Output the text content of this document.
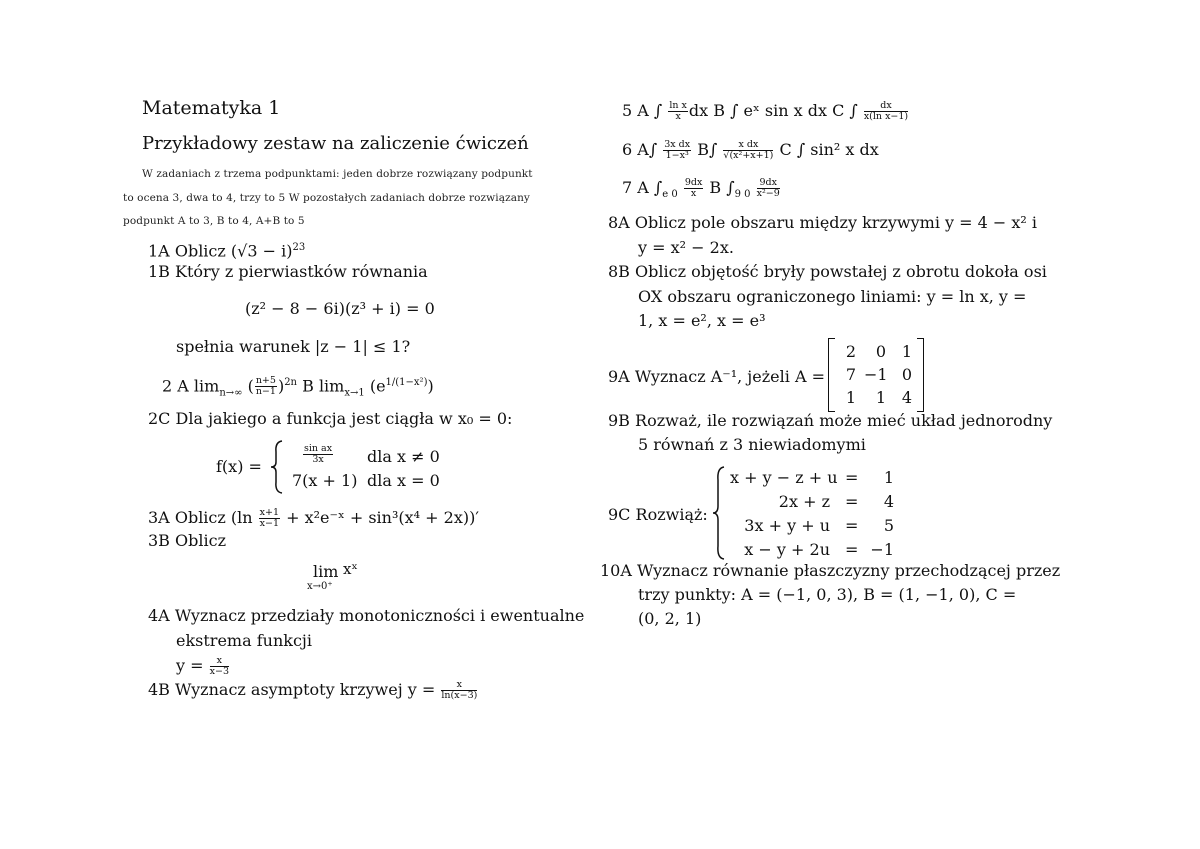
Matematyka 1
Przykładowy zestaw na zaliczenie ćwiczeń
W zadaniach z trzema podpunktami: jeden dobrze rozwiązany podpunkt
to ocena 3, dwa to 4, trzy to 5 W pozostałych zadaniach dobrze rozwiązany
podpunkt A to 3, B to 4, A+B to 5
1A Oblicz $(√3 - i)^{23}$
1B Który z pierwiastków równania
(z² − 8 − 6i)(z³ + i) = 0
spełnia warunek |z − 1| ≤ 1?
2 A $\lim_{n\to\infty}$ ( $\frac{n+5}{n-1} )^{2n}$ B $\lim_{x\to 1} (e^{1/(1-x^2)})$
2C Dla jakiego a funkcja jest ciągła w x₀ = 0:
f(x) =
$\frac{\text{sin ax}}{3x}$ dla x ≠ 0
7(x + 1) dla x = 0
3A Oblicz ($\ln \frac{x+1}{x-1}$ + x²e⁻ˣ + sin³(x⁴ + 2x))′
3B Oblicz
lim xˣ
x→0⁺
4A Wyznacz przedziały monotoniczności i ewentualne
ekstrema funkcji
$y = \frac{x}{x-3}$
4B Wyznacz asymptoty krzywej $y = \frac{x}{\ln(x-3)}$
5 A ∫ $\frac{\text{ln x}}{x}$ dx B ∫ eˣ sin x dx C ∫ $\frac{dx}{\text{x(ln x−1)}}$
6 $A\int \frac{\text{3x dx}}{\text{1−x³}} B\int \frac{\text{x dx}}{\text{√(x²+x+1)}}$ C ∫ sin² x dx
7 A $\int_{e 0} \frac{9dx}{x}$ B $\int_{9 0} \frac{9dx}{\text{x²−9}}$
8A Oblicz pole obszaru między krzywymi y = 4 − x² i
y = x² − 2x.
8B Oblicz objętość bryły powstałej z obrotu dokoła osi
OX obszaru ograniczonego liniami: y = ln x, y =
1, x = e², x = e³
9A Wyznacz A⁻¹, jeżeli A =
2	0 1
7 −1 0
1	1 4
9B Rozważ, ile rozwiązań może mieć układ jednorodny
5 równań z 3 niewiadomymi
9C Rozwiąż:
x + y − z + u =	1
2x + z =	4
3x + y + u =	5
x − y + 2u = −1
10A Wyznacz równanie płaszczyzny przechodzącej przez
trzy punkty: A = (−1, 0, 3), B = (1, −1, 0), C =
(0, 2, 1)
